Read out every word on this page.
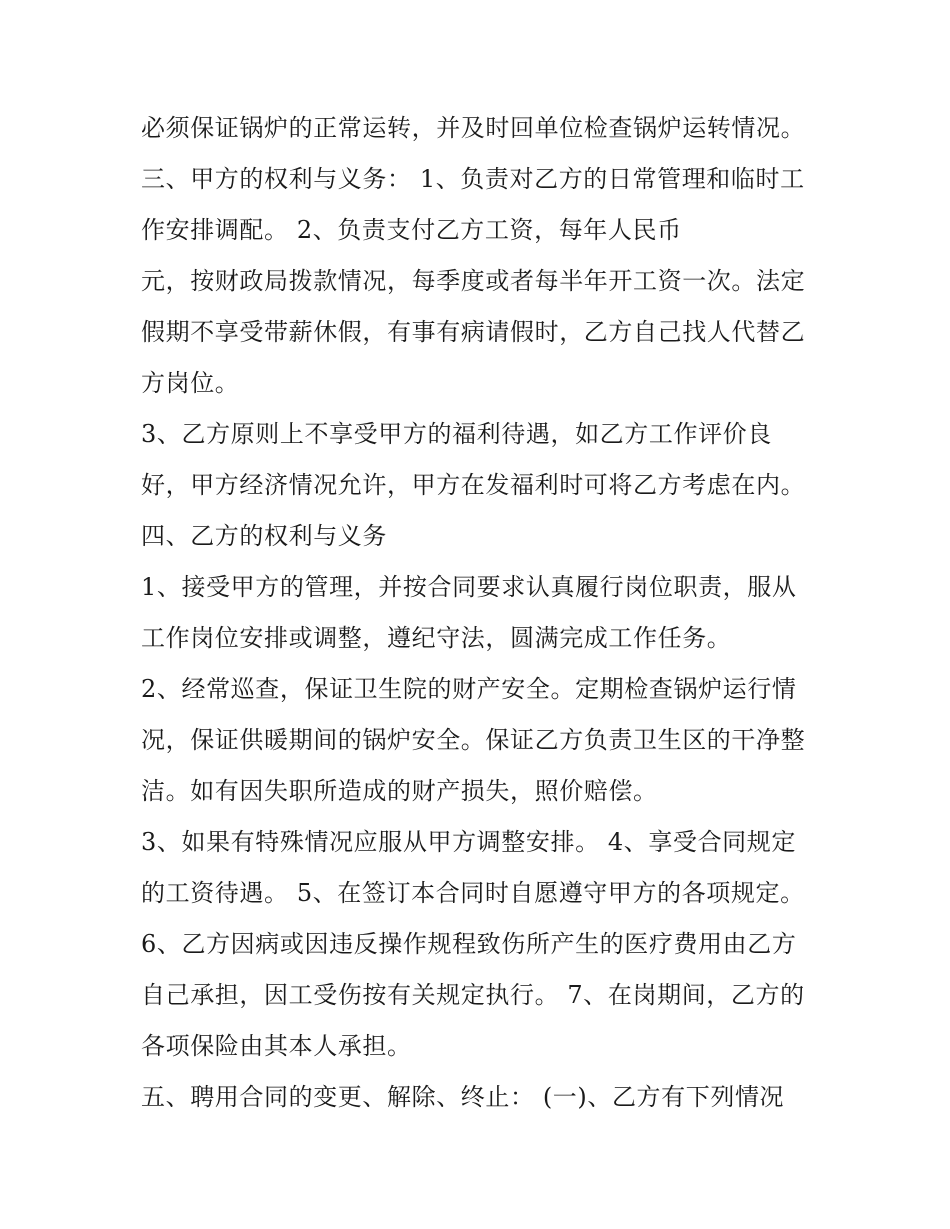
必须保证锅炉的正常运转，并及时回单位检查锅炉运转情况。
三、甲方的权利与义务： 1、负责对乙方的日常管理和临时工
作安排调配。 2、负责支付乙方工资，每年人民币
元，按财政局拨款情况，每季度或者每半年开工资一次。法定
假期不享受带薪休假，有事有病请假时，乙方自己找人代替乙
方岗位。
3、乙方原则上不享受甲方的福利待遇，如乙方工作评价良
好，甲方经济情况允许，甲方在发福利时可将乙方考虑在内。
四、乙方的权利与义务
1、接受甲方的管理，并按合同要求认真履行岗位职责，服从
工作岗位安排或调整，遵纪守法，圆满完成工作任务。
2、经常巡查，保证卫生院的财产安全。定期检查锅炉运行情
况，保证供暖期间的锅炉安全。保证乙方负责卫生区的干净整
洁。如有因失职所造成的财产损失，照价赔偿。
3、如果有特殊情况应服从甲方调整安排。 4、享受合同规定
的工资待遇。 5、在签订本合同时自愿遵守甲方的各项规定。
6、乙方因病或因违反操作规程致伤所产生的医疗费用由乙方
自己承担，因工受伤按有关规定执行。 7、在岗期间，乙方的
各项保险由其本人承担。
五、聘用合同的变更、解除、终止： (一)、乙方有下列情况
